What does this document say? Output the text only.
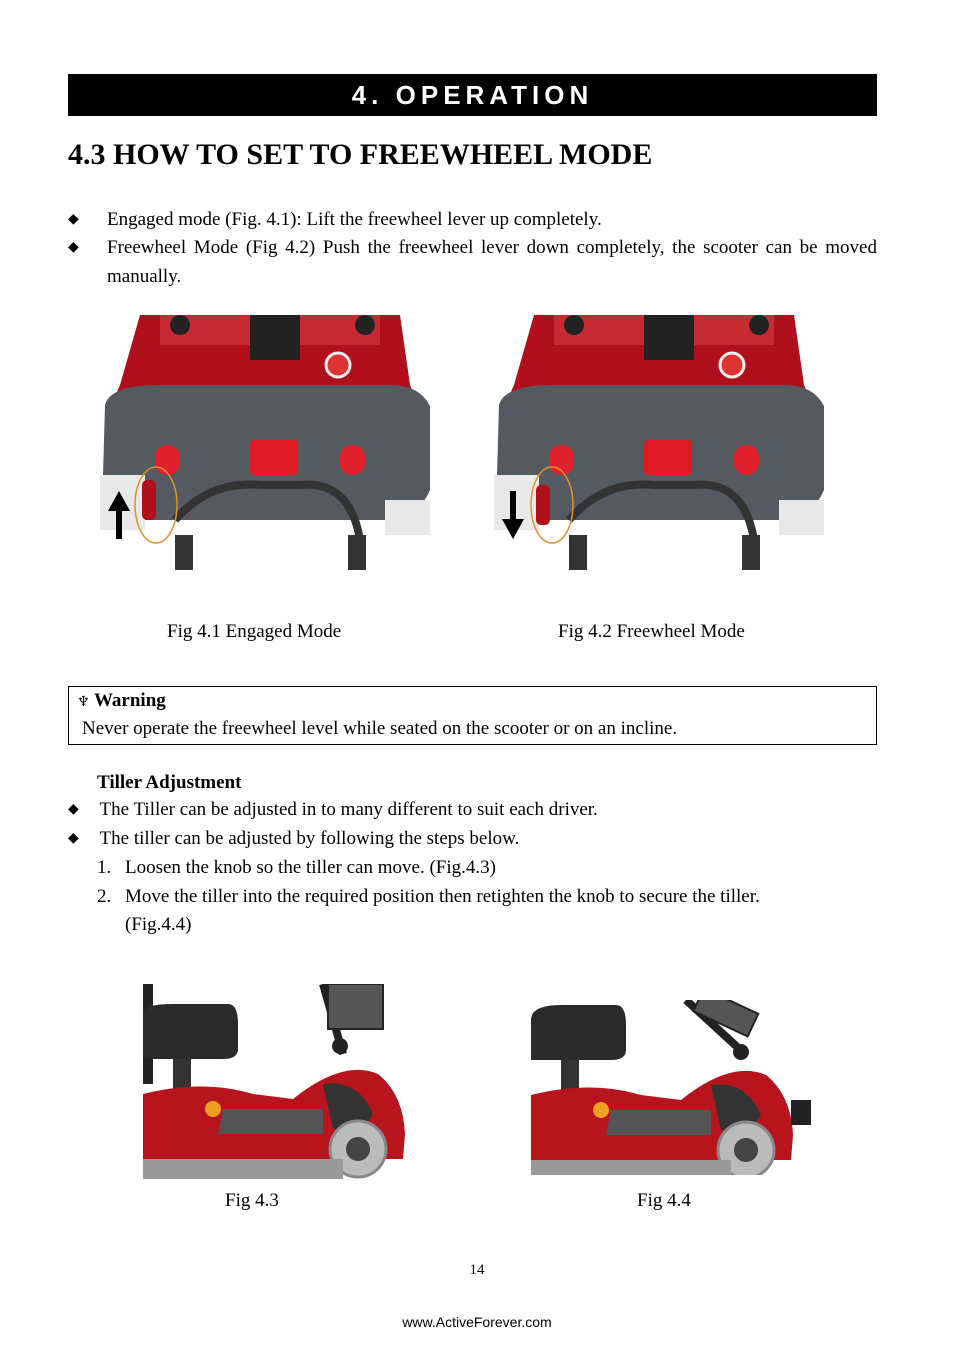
4. OPERATION
4.3 HOW TO SET TO FREEWHEEL MODE
◆ Engaged mode (Fig. 4.1): Lift the freewheel lever up completely.
◆ Freewheel Mode (Fig 4.2) Push the freewheel lever down completely, the scooter can be moved manually.
Fig 4.1 Engaged Mode	Fig 4.2 Freewheel Mode
♆ Warning
Never operate the freewheel level while seated on the scooter or on an incline.
Tiller Adjustment
◆ The Tiller can be adjusted in to many different to suit each driver.
◆ The tiller can be adjusted by following the steps below.
1. Loosen the knob so the tiller can move. (Fig.4.3)
2. Move the tiller into the required position then retighten the knob to secure the tiller.
(Fig.4.4)
Fig 4.3	Fig 4.4
14
www.ActiveForever.com
